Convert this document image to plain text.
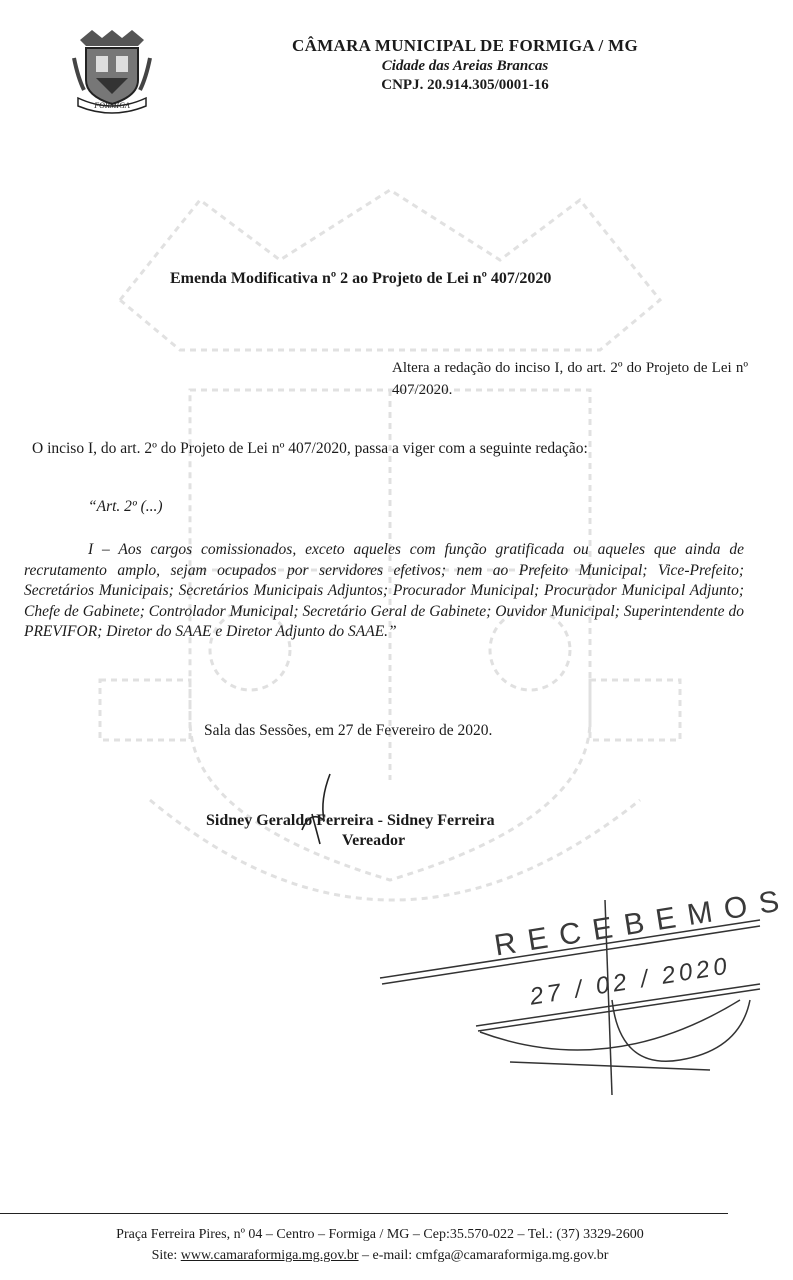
FORMIGA
CÂMARA MUNICIPAL DE FORMIGA / MG
Cidade das Areias Brancas
CNPJ. 20.914.305/0001-16
Emenda Modificativa nº 2 ao Projeto de Lei nº 407/2020
Altera a redação do inciso I, do art. 2º do Projeto de Lei nº 407/2020.
O inciso I, do art. 2º do Projeto de Lei nº 407/2020, passa a viger com a seguinte redação:
“Art. 2º (...)
I – Aos cargos comissionados, exceto aqueles com função gratificada ou aqueles que ainda de recrutamento amplo, sejam ocupados por servidores efetivos; nem ao Prefeito Municipal; Vice-Prefeito; Secretários Municipais; Secretários Municipais Adjuntos; Procurador Municipal; Procurador Municipal Adjunto; Chefe de Gabinete; Controlador Municipal; Secretário Geral de Gabinete; Ouvidor Municipal; Superintendente do PREVIFOR; Diretor do SAAE e Diretor Adjunto do SAAE.”
Sala das Sessões, em 27 de Fevereiro de 2020.
Sidney Geraldo Ferreira - Sidney Ferreira
Vereador
RECEBEMOS
27 / 02 / 2020
Praça Ferreira Pires, nº 04 – Centro – Formiga / MG – Cep:35.570-022 – Tel.: (37) 3329-2600
Site: www.camaraformiga.mg.gov.br – e-mail: cmfga@camaraformiga.mg.gov.br
